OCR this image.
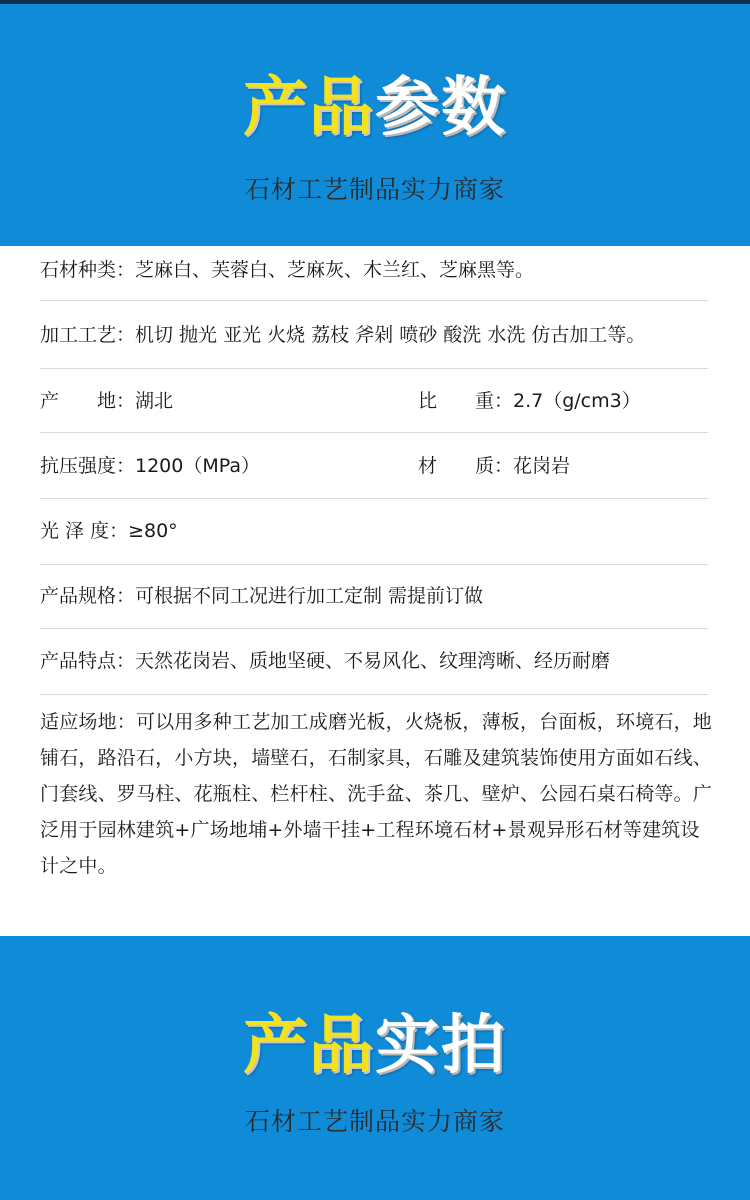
产品参数
石材工艺制品实力商家
石材种类：芝麻白、芙蓉白、芝麻灰、木兰红、芝麻黑等。
加工工艺：机切 抛光 亚光 火烧 荔枝 斧剁 喷砂 酸洗 水洗 仿古加工等。
产　　地：湖北	比　　重：2.7（g/cm3）
抗压强度：1200（MPa）	材　　质：花岗岩
光 泽 度：≥80°
产品规格：可根据不同工况进行加工定制 需提前订做
产品特点：天然花岗岩、质地坚硬、不易风化、纹理湾晰、经历耐磨
适应场地：可以用多种工艺加工成磨光板，火烧板，薄板，台面板，环境石，地铺石，路沿石，小方块，墙壁石，石制家具，石雕及建筑装饰使用方面如石线、门套线、罗马柱、花瓶柱、栏杆柱、洗手盆、茶几、壁炉、公园石桌石椅等。广泛用于园林建筑+广场地埔+外墙干挂+工程环境石材+景观异形石材等建筑设计之中。
产品实拍
石材工艺制品实力商家
